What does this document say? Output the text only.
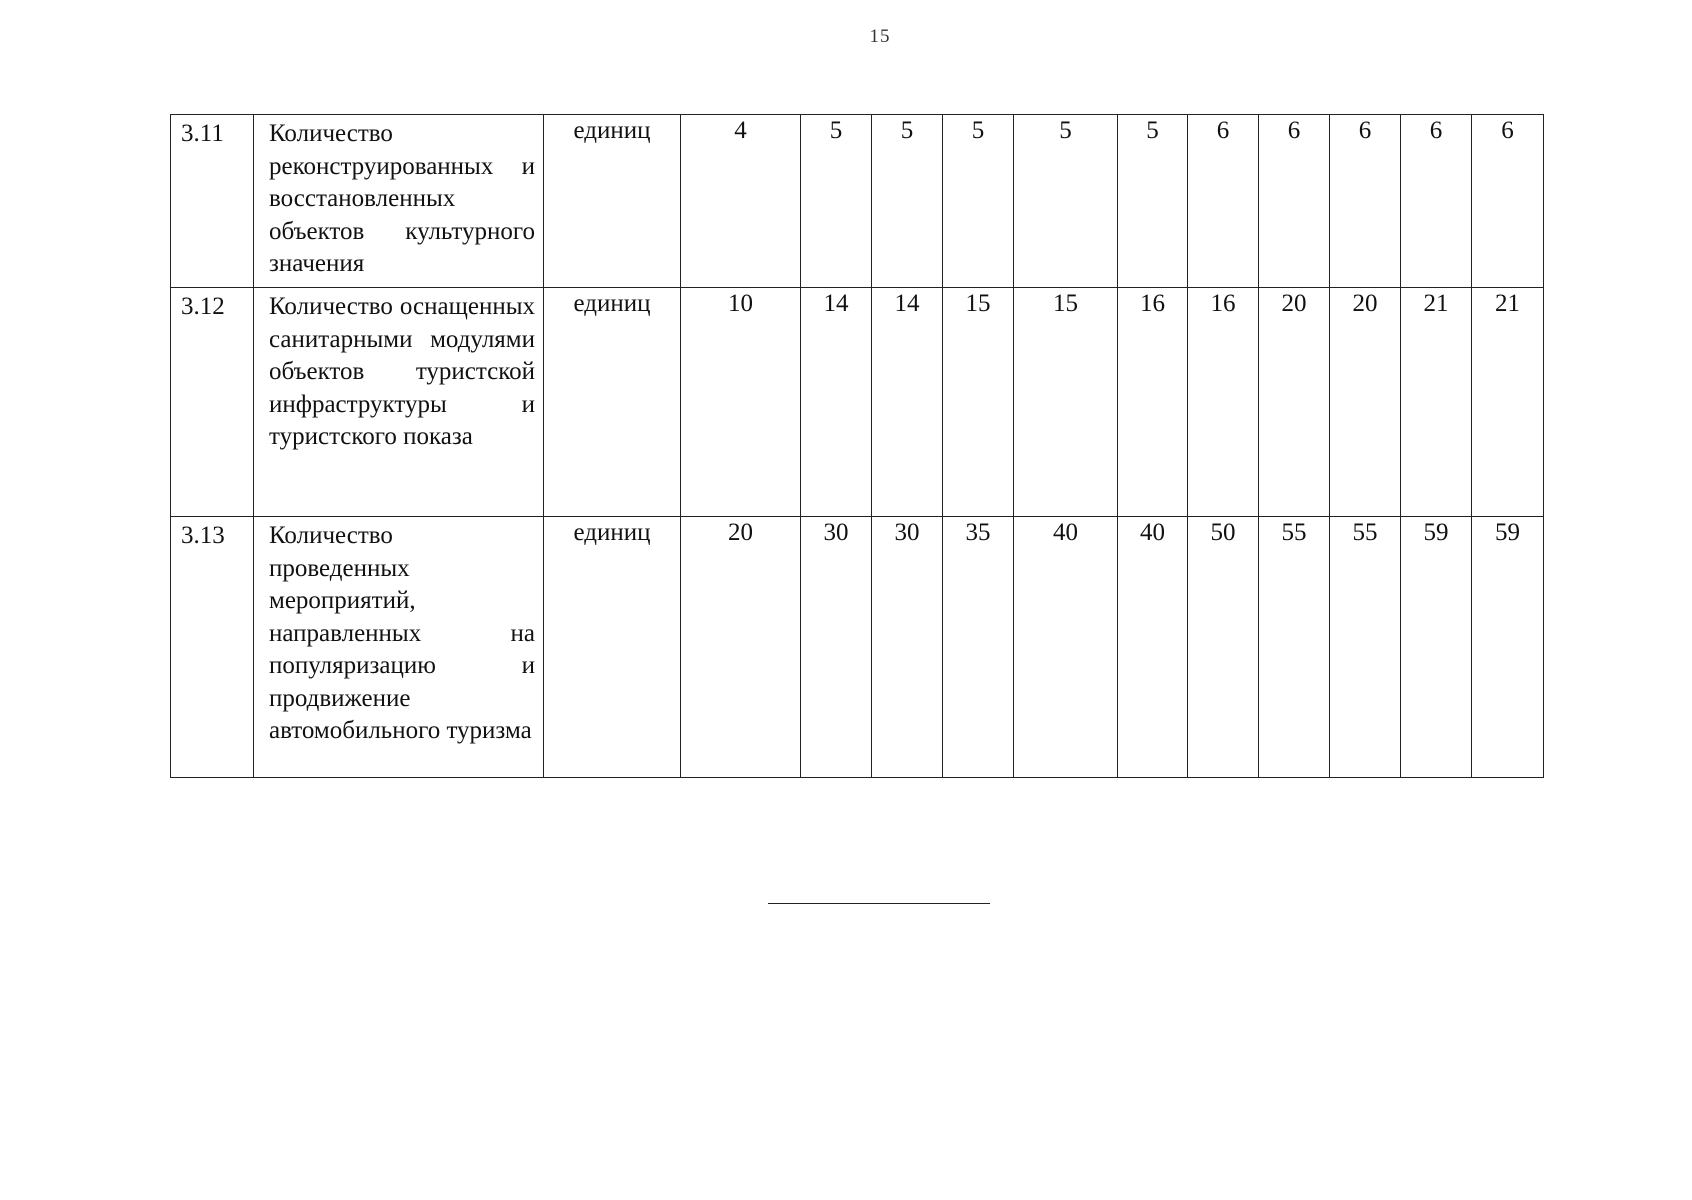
15
3.11	Количество реконструированных и восстановленных объектов культурного значения	единиц	4	5	5	5	5	5	6	6	6	6	6
3.12	Количество оснащенных санитарными модулями объектов туристской инфраструктуры и туристского показа	единиц	10	14	14	15	15	16	16	20	20	21	21
3.13	Количество проведенных мероприятий, направленных на популяризацию и продвижение автомобильного туризма	единиц	20	30	30	35	40	40	50	55	55	59	59
